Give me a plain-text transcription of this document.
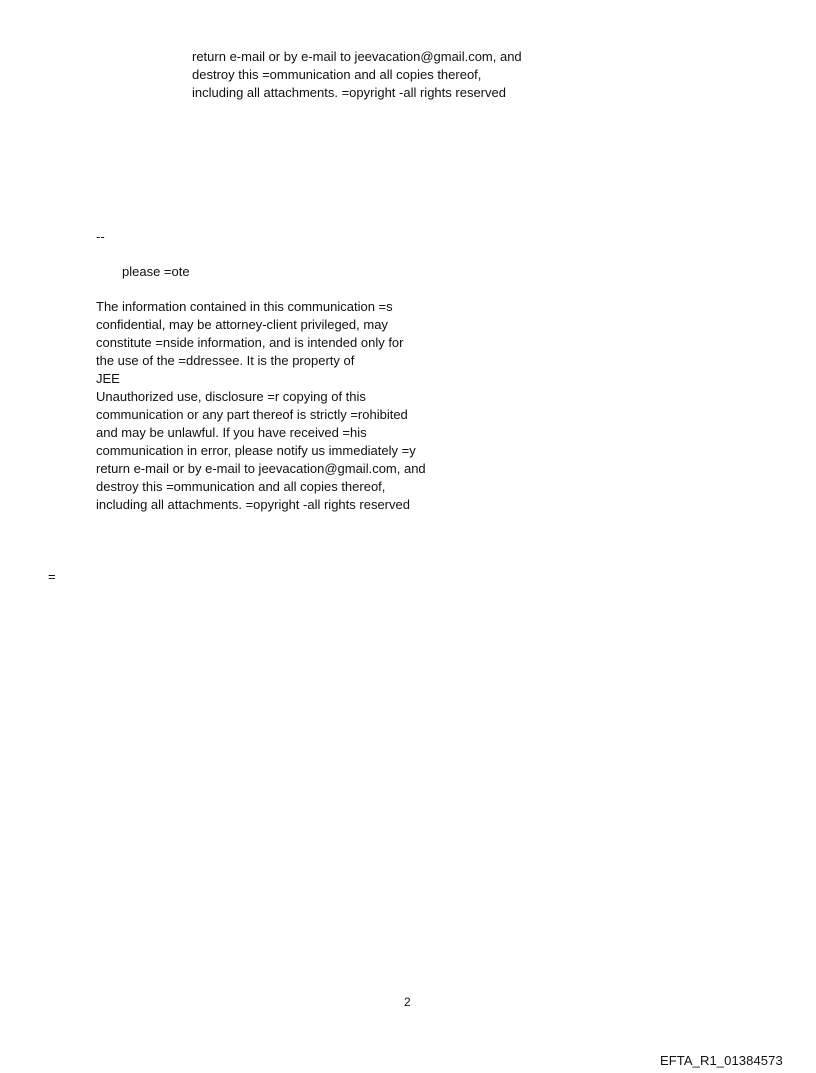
return e-mail or by e-mail to jeevacation@gmail.com, and
destroy this =ommunication and all copies thereof,
including all attachments. =opyright -all rights reserved
--
please =ote
The information contained in this communication =s
confidential, may be attorney-client privileged, may
constitute =nside information, and is intended only for
the use of the =ddressee. It is the property of
JEE
Unauthorized use, disclosure =r copying of this
communication or any part thereof is strictly =rohibited
and may be unlawful. If you have received =his
communication in error, please notify us immediately =y
return e-mail or by e-mail to jeevacation@gmail.com, and
destroy this =ommunication and all copies thereof,
including all attachments. =opyright -all rights reserved
=
2
EFTA_R1_01384573
